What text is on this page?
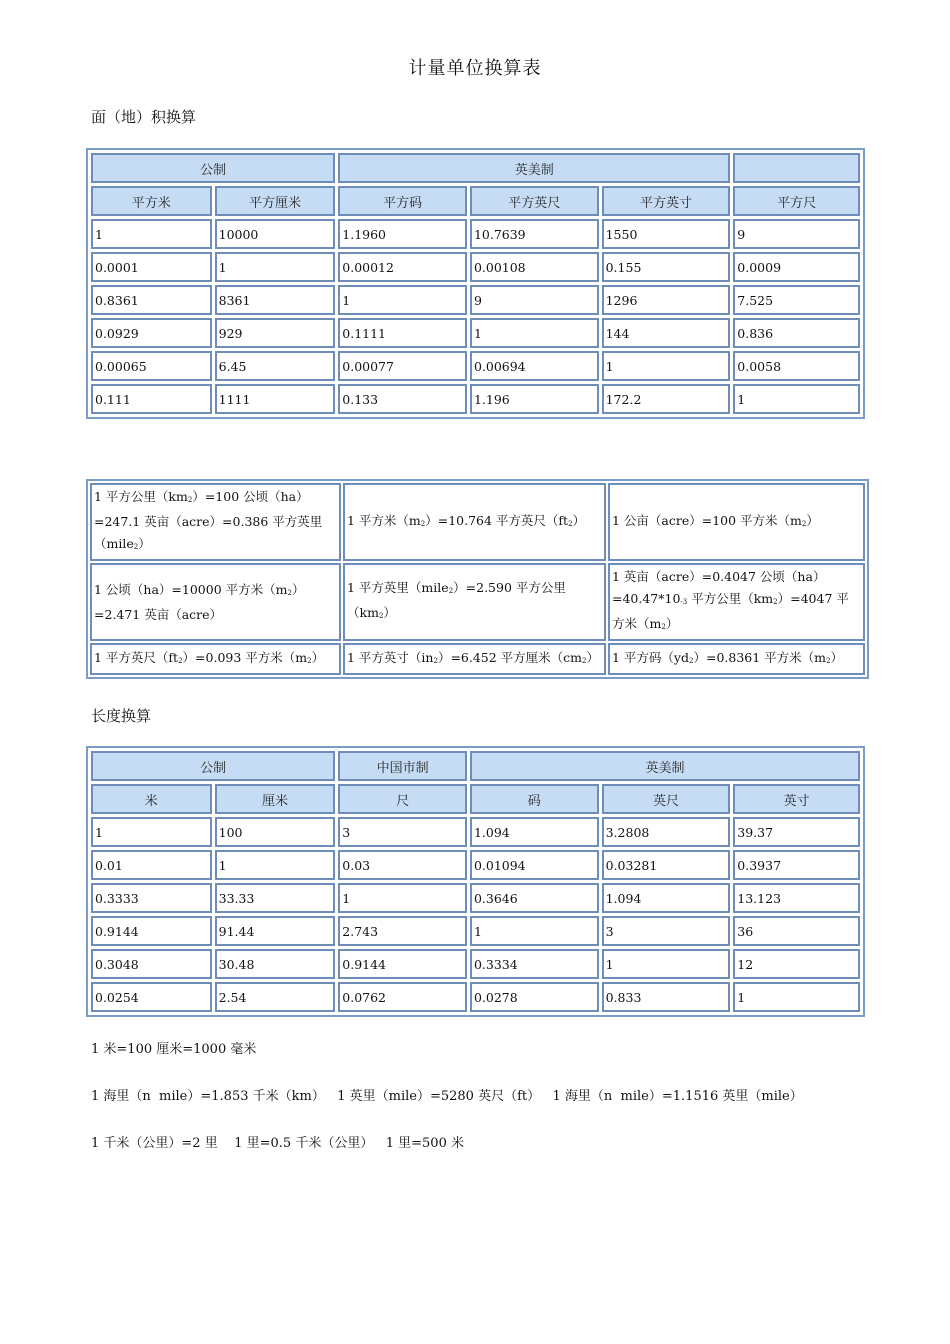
计量单位换算表
面（地）积换算
公制		英美制			
平方米	平方厘米	平方码	平方英尺	平方英寸	平方尺
1	10000	1.1960	10.7639	1550	9
0.0001	1	0.00012	0.00108	0.155	0.0009
0.8361	8361	1	9	1296	7.525
0.0929	929	0.1111	1	144	0.836
0.00065	6.45	0.00077	0.00694	1	0.0058
0.111	1111	0.133	1.196	172.2	1
1 平方公里$(km_2)=100$ 公顷（ha）=247.1 英亩（acre）=0.386 平方英里（mile$_2$）	1 平方米$(m_2)=10.764$ 平方英尺$(ft_2)$	1 公亩（acre）=100 平方米$(m_2)$
1 公顷（ha）=10000 平方米$(m_2)=2.471$ 英亩（acre）	1 平方英里（mile$_2$）=2.590 平方公里$(km_2)$	1 英亩（acre）=0.4047 公顷$(ha)=40.47*10_{-3}$ 平方公里$(km_2)=4047$ 平方米$(m_2)$
1 平方英尺$(ft_2)=0.093$ 平方米$(m_2)$	1 平方英寸$(in_2)=6.452$ 平方厘米$(cm_2)$	1 平方码$(yd_2)=0.8361$ 平方米$(m_2)$
长度换算
公制		中国市制	英美制		
米	厘米	尺	码	英尺	英寸
1	100	3	1.094	3.2808	39.37
0.01	1	0.03	0.01094	0.03281	0.3937
0.3333	33.33	1	0.3646	1.094	13.123
0.9144	91.44	2.743	1	3	36
0.3048	30.48	0.9144	0.3334	1	12
0.0254	2.54	0.0762	0.0278	0.833	1
1 米=100 厘米=1000 毫米
1 海里（n  mile）=1.853 千米（km）   1 英里（mile）=5280 英尺（ft）   1 海里（n  mile）=1.1516 英里（mile）
1 千米（公里）=2 里    1 里=0.5 千米（公里）   1 里=500 米
